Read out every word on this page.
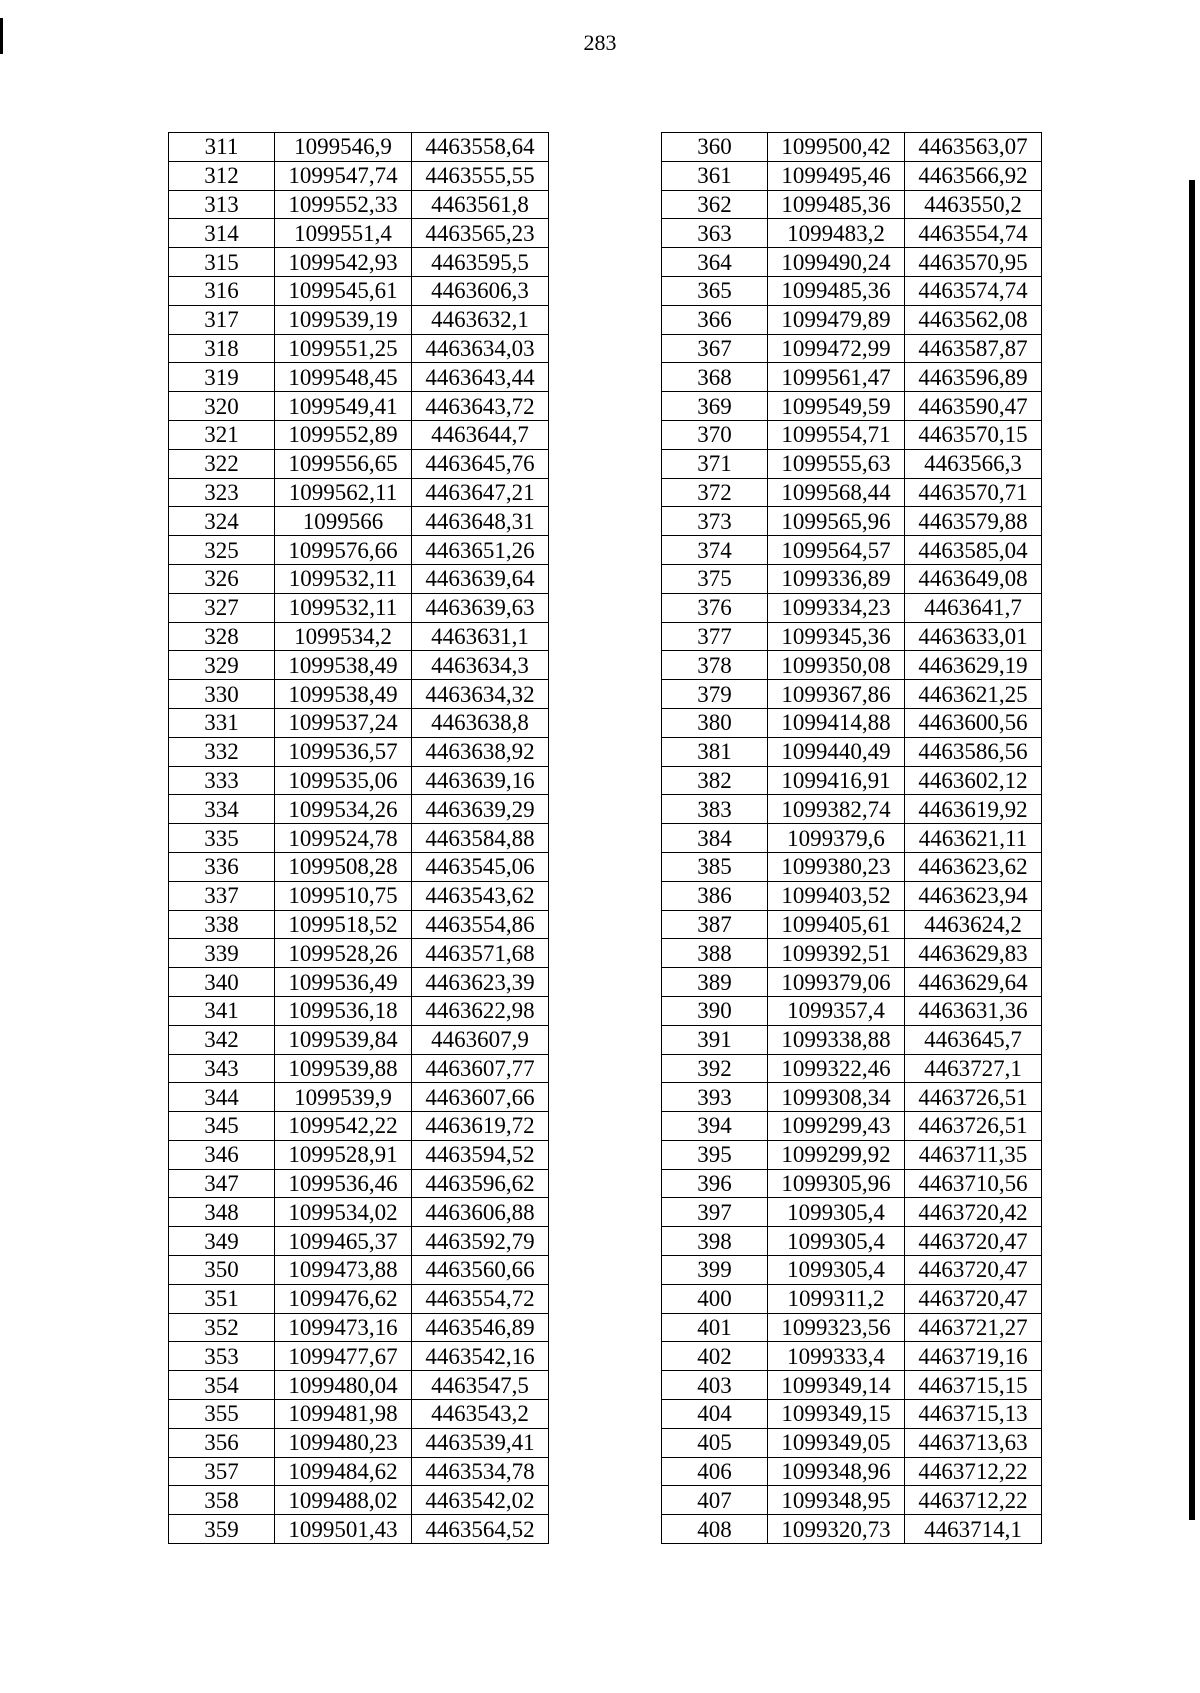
283
311	1099546,9	4463558,64
312	1099547,74	4463555,55
313	1099552,33	4463561,8
314	1099551,4	4463565,23
315	1099542,93	4463595,5
316	1099545,61	4463606,3
317	1099539,19	4463632,1
318	1099551,25	4463634,03
319	1099548,45	4463643,44
320	1099549,41	4463643,72
321	1099552,89	4463644,7
322	1099556,65	4463645,76
323	1099562,11	4463647,21
324	1099566	4463648,31
325	1099576,66	4463651,26
326	1099532,11	4463639,64
327	1099532,11	4463639,63
328	1099534,2	4463631,1
329	1099538,49	4463634,3
330	1099538,49	4463634,32
331	1099537,24	4463638,8
332	1099536,57	4463638,92
333	1099535,06	4463639,16
334	1099534,26	4463639,29
335	1099524,78	4463584,88
336	1099508,28	4463545,06
337	1099510,75	4463543,62
338	1099518,52	4463554,86
339	1099528,26	4463571,68
340	1099536,49	4463623,39
341	1099536,18	4463622,98
342	1099539,84	4463607,9
343	1099539,88	4463607,77
344	1099539,9	4463607,66
345	1099542,22	4463619,72
346	1099528,91	4463594,52
347	1099536,46	4463596,62
348	1099534,02	4463606,88
349	1099465,37	4463592,79
350	1099473,88	4463560,66
351	1099476,62	4463554,72
352	1099473,16	4463546,89
353	1099477,67	4463542,16
354	1099480,04	4463547,5
355	1099481,98	4463543,2
356	1099480,23	4463539,41
357	1099484,62	4463534,78
358	1099488,02	4463542,02
359	1099501,43	4463564,52
360	1099500,42	4463563,07
361	1099495,46	4463566,92
362	1099485,36	4463550,2
363	1099483,2	4463554,74
364	1099490,24	4463570,95
365	1099485,36	4463574,74
366	1099479,89	4463562,08
367	1099472,99	4463587,87
368	1099561,47	4463596,89
369	1099549,59	4463590,47
370	1099554,71	4463570,15
371	1099555,63	4463566,3
372	1099568,44	4463570,71
373	1099565,96	4463579,88
374	1099564,57	4463585,04
375	1099336,89	4463649,08
376	1099334,23	4463641,7
377	1099345,36	4463633,01
378	1099350,08	4463629,19
379	1099367,86	4463621,25
380	1099414,88	4463600,56
381	1099440,49	4463586,56
382	1099416,91	4463602,12
383	1099382,74	4463619,92
384	1099379,6	4463621,11
385	1099380,23	4463623,62
386	1099403,52	4463623,94
387	1099405,61	4463624,2
388	1099392,51	4463629,83
389	1099379,06	4463629,64
390	1099357,4	4463631,36
391	1099338,88	4463645,7
392	1099322,46	4463727,1
393	1099308,34	4463726,51
394	1099299,43	4463726,51
395	1099299,92	4463711,35
396	1099305,96	4463710,56
397	1099305,4	4463720,42
398	1099305,4	4463720,47
399	1099305,4	4463720,47
400	1099311,2	4463720,47
401	1099323,56	4463721,27
402	1099333,4	4463719,16
403	1099349,14	4463715,15
404	1099349,15	4463715,13
405	1099349,05	4463713,63
406	1099348,96	4463712,22
407	1099348,95	4463712,22
408	1099320,73	4463714,1
